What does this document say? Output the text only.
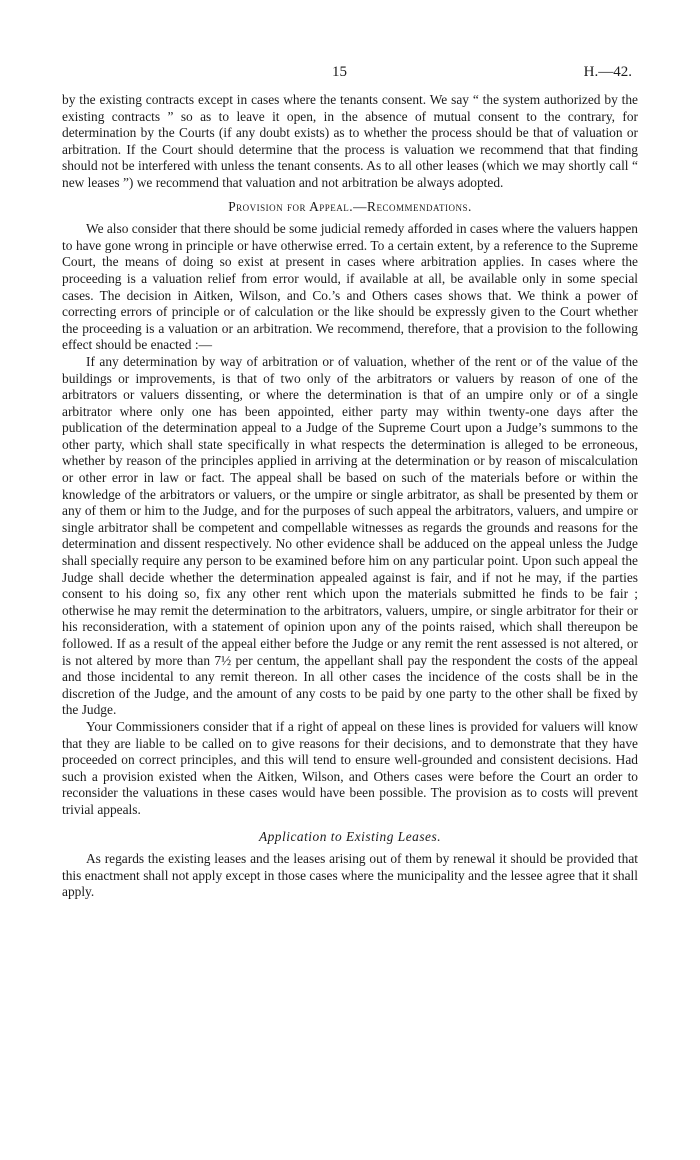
15	H.—42.

by the existing contracts except in cases where the tenants consent. We say “ the system authorized by the existing contracts ” so as to leave it open, in the absence of mutual consent to the contrary, for determination by the Courts (if any doubt exists) as to whether the process should be that of valuation or arbitration. If the Court should determine that the process is valuation we recommend that that finding should not be interfered with unless the tenant consents. As to all other leases (which we may shortly call “ new leases ”) we recommend that valuation and not arbitration be always adopted.

Provision for Appeal.—Recommendations.

We also consider that there should be some judicial remedy afforded in cases where the valuers happen to have gone wrong in principle or have otherwise erred. To a certain extent, by a reference to the Supreme Court, the means of doing so exist at present in cases where arbitration applies. In cases where the proceeding is a valuation relief from error would, if available at all, be available only in some special cases. The decision in Aitken, Wilson, and Co.’s and Others cases shows that. We think a power of correcting errors of principle or of calculation or the like should be expressly given to the Court whether the proceeding is a valuation or an arbitration. We recommend, therefore, that a provision to the following effect should be enacted :—

If any determination by way of arbitration or of valuation, whether of the rent or of the value of the buildings or improvements, is that of two only of the arbitrators or valuers by reason of one of the arbitrators or valuers dissenting, or where the determination is that of an umpire only or of a single arbitrator where only one has been appointed, either party may within twenty-one days after the publication of the determination appeal to a Judge of the Supreme Court upon a Judge’s summons to the other party, which shall state specifically in what respects the determination is alleged to be erroneous, whether by reason of the principles applied in arriving at the determination or by reason of miscalculation or other error in law or fact. The appeal shall be based on such of the materials before or within the knowledge of the arbitrators or valuers, or the umpire or single arbitrator, as shall be presented by them or any of them or him to the Judge, and for the purposes of such appeal the arbitrators, valuers, and umpire or single arbitrator shall be competent and compellable witnesses as regards the grounds and reasons for the determination and dissent respectively. No other evidence shall be adduced on the appeal unless the Judge shall specially require any person to be examined before him on any particular point. Upon such appeal the Judge shall decide whether the determination appealed against is fair, and if not he may, if the parties consent to his doing so, fix any other rent which upon the materials submitted he finds to be fair ; otherwise he may remit the determination to the arbitrators, valuers, umpire, or single arbitrator for their or his reconsideration, with a statement of opinion upon any of the points raised, which shall thereupon be followed. If as a result of the appeal either before the Judge or any remit the rent assessed is not altered, or is not altered by more than 7½ per centum, the appellant shall pay the respondent the costs of the appeal and those incidental to any remit thereon. In all other cases the incidence of the costs shall be in the discretion of the Judge, and the amount of any costs to be paid by one party to the other shall be fixed by the Judge.

Your Commissioners consider that if a right of appeal on these lines is provided for valuers will know that they are liable to be called on to give reasons for their decisions, and to demonstrate that they have proceeded on correct principles, and this will tend to ensure well-grounded and consistent decisions. Had such a provision existed when the Aitken, Wilson, and Others cases were before the Court an order to reconsider the valuations in these cases would have been possible. The provision as to costs will prevent trivial appeals.

Application to Existing Leases.

As regards the existing leases and the leases arising out of them by renewal it should be provided that this enactment shall not apply except in those cases where the municipality and the lessee agree that it shall apply.
